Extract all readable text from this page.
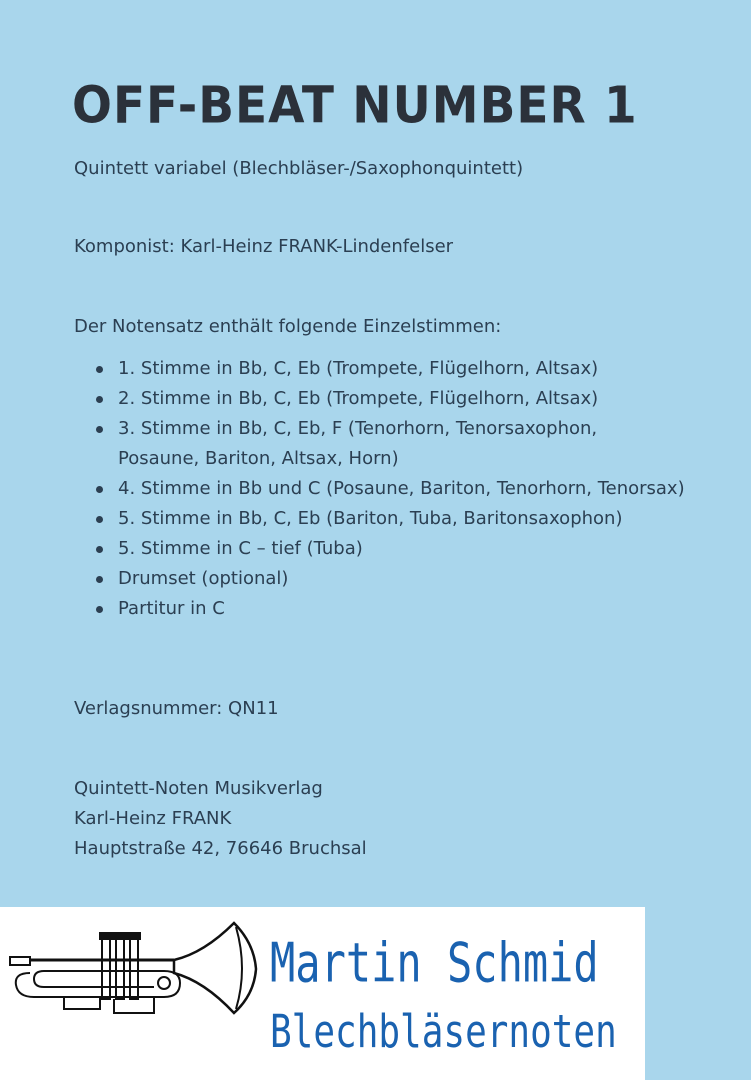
OFF-BEAT NUMBER 1
Quintett variabel (Blechbläser-/Saxophonquintett)
Komponist: Karl-Heinz FRANK-Lindenfelser
Der Notensatz enthält folgende Einzelstimmen:
1. Stimme in Bb, C, Eb (Trompete, Flügelhorn, Altsax)
2. Stimme in Bb, C, Eb (Trompete, Flügelhorn, Altsax)
3. Stimme in Bb, C, Eb, F (Tenorhorn, Tenorsaxophon, Posaune, Bariton, Altsax, Horn)
4. Stimme in Bb und C (Posaune, Bariton, Tenorhorn, Tenorsax)
5. Stimme in Bb, C, Eb (Bariton, Tuba, Baritonsaxophon)
5. Stimme in C – tief (Tuba)
Drumset (optional)
Partitur in C
Verlagsnummer: QN11
Quintett-Noten Musikverlag
Karl-Heinz FRANK
Hauptstraße 42, 76646 Bruchsal
Martin Schmid
Blechbläsernoten
